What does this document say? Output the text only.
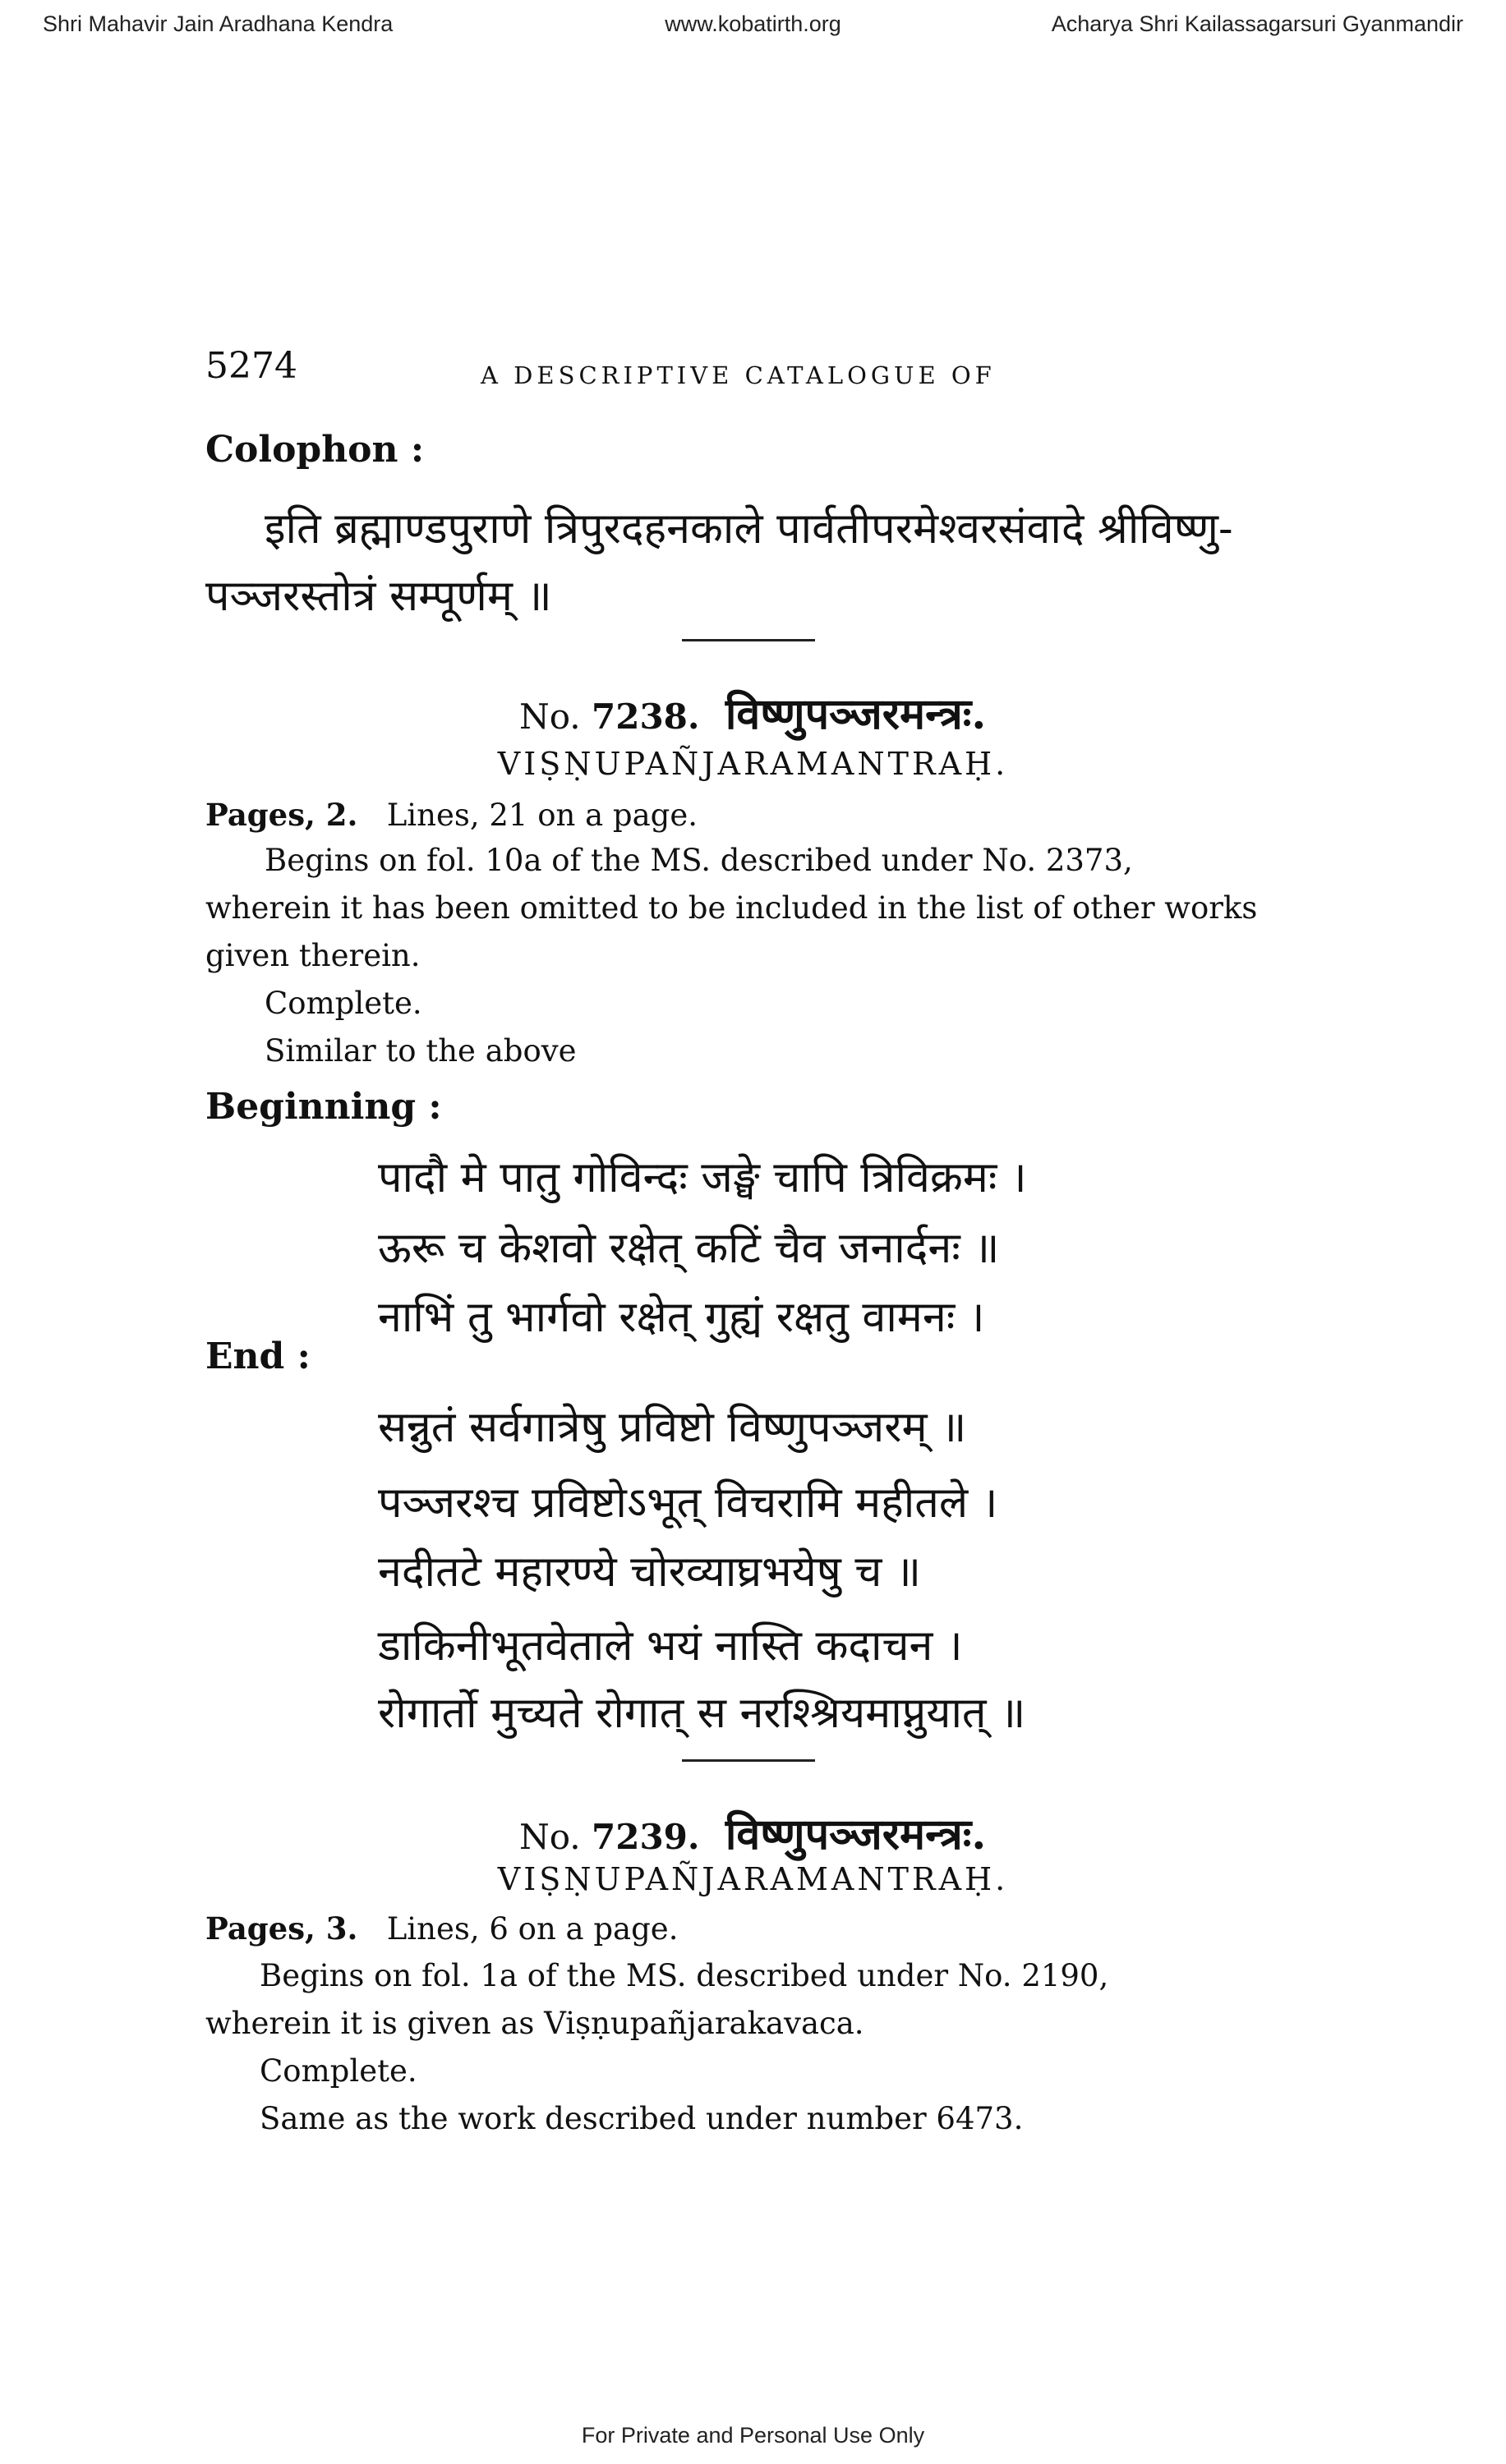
Shri Mahavir Jain Aradhana Kendra	www.kobatirth.org	Acharya Shri Kailassagarsuri Gyanmandir
5274	A DESCRIPTIVE CATALOGUE OF
Colophon :
इति ब्रह्माण्डपुराणे त्रिपुरदहनकाले पार्वतीपरमेश्वरसंवादे श्रीविष्णु-
पञ्जरस्तोत्रं सम्पूर्णम् ॥
No. 7238. विष्णुपञ्जरमन्त्रः.
VIṢṆUPAÑJARAMANTRAḤ.
Pages, 2. Lines, 21 on a page.
Begins on fol. 10a of the MS. described under No. 2373,
wherein it has been omitted to be included in the list of other works
given therein.
Complete.
Similar to the above
Beginning :
पादौ मे पातु गोविन्दः जङ्घे चापि त्रिविक्रमः ।
ऊरू च केशवो रक्षेत् कटिं चैव जनार्दनः ॥
नाभिं तु भार्गवो रक्षेत् गुह्यं रक्षतु वामनः ।
End :
सन्नुतं सर्वगात्रेषु प्रविष्टो विष्णुपञ्जरम् ॥
पञ्जरश्च प्रविष्टोऽभूत् विचरामि महीतले ।
नदीतटे महारण्ये चोरव्याघ्रभयेषु च ॥
डाकिनीभूतवेताले भयं नास्ति कदाचन ।
रोगार्तो मुच्यते रोगात् स नरश्श्रियमाप्नुयात् ॥
No. 7239. विष्णुपञ्जरमन्त्रः.
VIṢṆUPAÑJARAMANTRAḤ.
Pages, 3. Lines, 6 on a page.
Begins on fol. 1a of the MS. described under No. 2190,
wherein it is given as Viṣṇupañjarakavaca.
Complete.
Same as the work described under number 6473.
For Private and Personal Use Only
